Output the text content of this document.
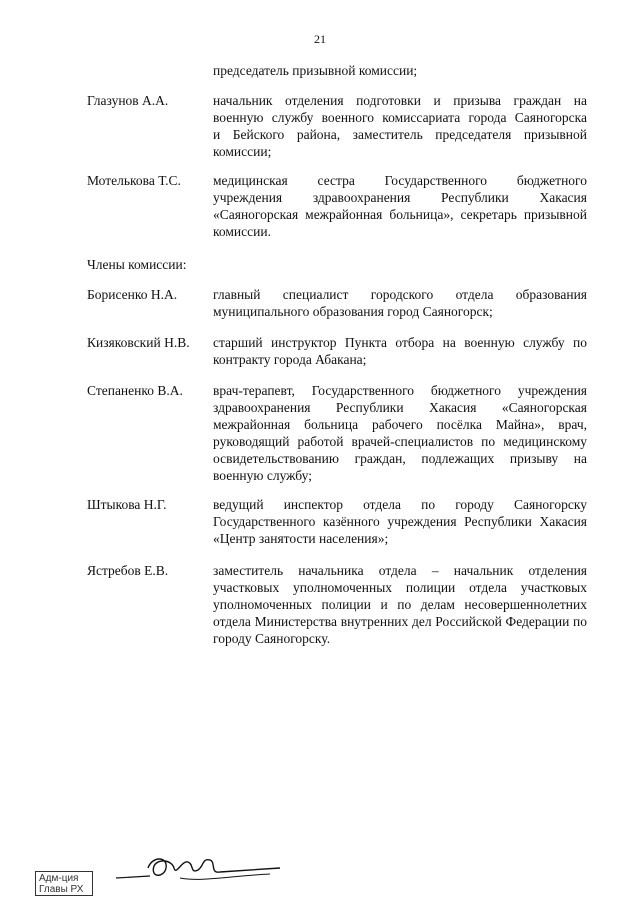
21
председатель призывной комиссии;
Глазунов А.А.	начальник отделения подготовки и призыва граждан на
военную службу военного комиссариата города Саяногорска
и Бейского района, заместитель председателя призывной
комиссии;
Мотелькова Т.С. медицинская сестра Государственного бюджетного
учреждения здравоохранения Республики Хакасия
«Саяногорская межрайонная больница», секретарь призывной
комиссии.
Члены комиссии:
Борисенко Н.А.	главный специалист городского отдела образования
муниципального образования город Саяногорск;
Кизяковский Н.В. старший инструктор Пункта отбора на военную службу по
контракту города Абакана;
Степаненко В.А. врач-терапевт, Государственного бюджетного учреждения
здравоохранения Республики Хакасия «Саяногорская
межрайонная больница рабочего посёлка Майна», врач,
руководящий работой врачей-специалистов по медицинскому
освидетельствованию граждан, подлежащих призыву на
военную службу;
Штыкова Н.Г.	ведущий инспектор отдела по городу Саяногорску
Государственного казённого учреждения Республики Хакасия
«Центр занятости населения»;
Ястребов Е.В.	заместитель начальника отдела – начальник отделения
участковых уполномоченных полиции отдела участковых
уполномоченных полиции и по делам несовершеннолетних
отдела Министерства внутренних дел Российской Федерации по
городу Саяногорску.
Адм-ция
Главы РХ
